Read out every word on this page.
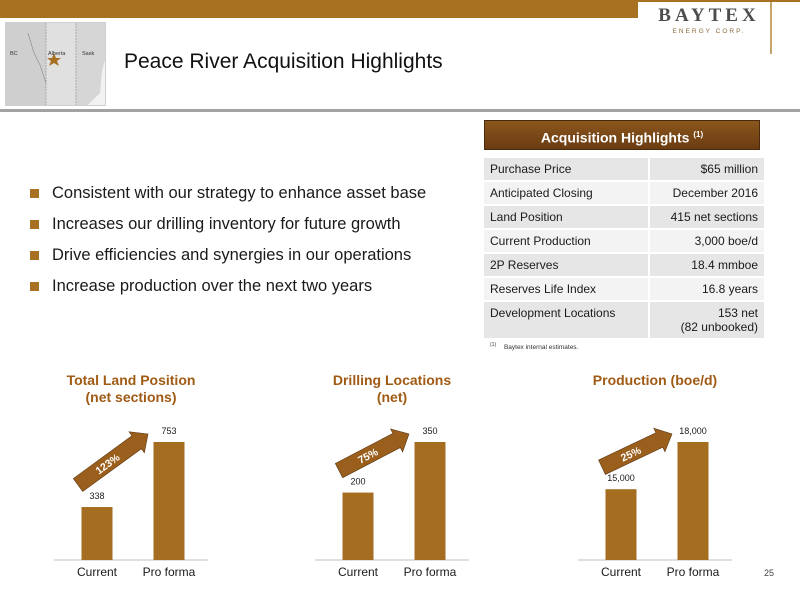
BAYTEX
ENERGY CORP.
BC	Alberta	Sask Peace River Acquisition Highlights
Consistent with our strategy to enhance asset base
Increases our drilling inventory for future growth
Drive efficiencies and synergies in our operations
Increase production over the next two years
Acquisition Highlights $^{(1)}$
Purchase Price	$65 million
Anticipated Closing	December 2016
Land Position	415 net sections
Current Production	3,000 boe/d
2P Reserves	18.4 mmboe
Reserves Life Index	16.8 years
Development Locations	153 net
(82 unbooked)
$^{(1)}$ Baytex internal estimates.
Total Land Position
(net sections)
338
Current
753
Pro forma
123%
Drilling Locations
(net)
200
Current
350
Pro forma
75%
Production (boe/d)
15,000
Current
18,000
Pro forma
25%
25
